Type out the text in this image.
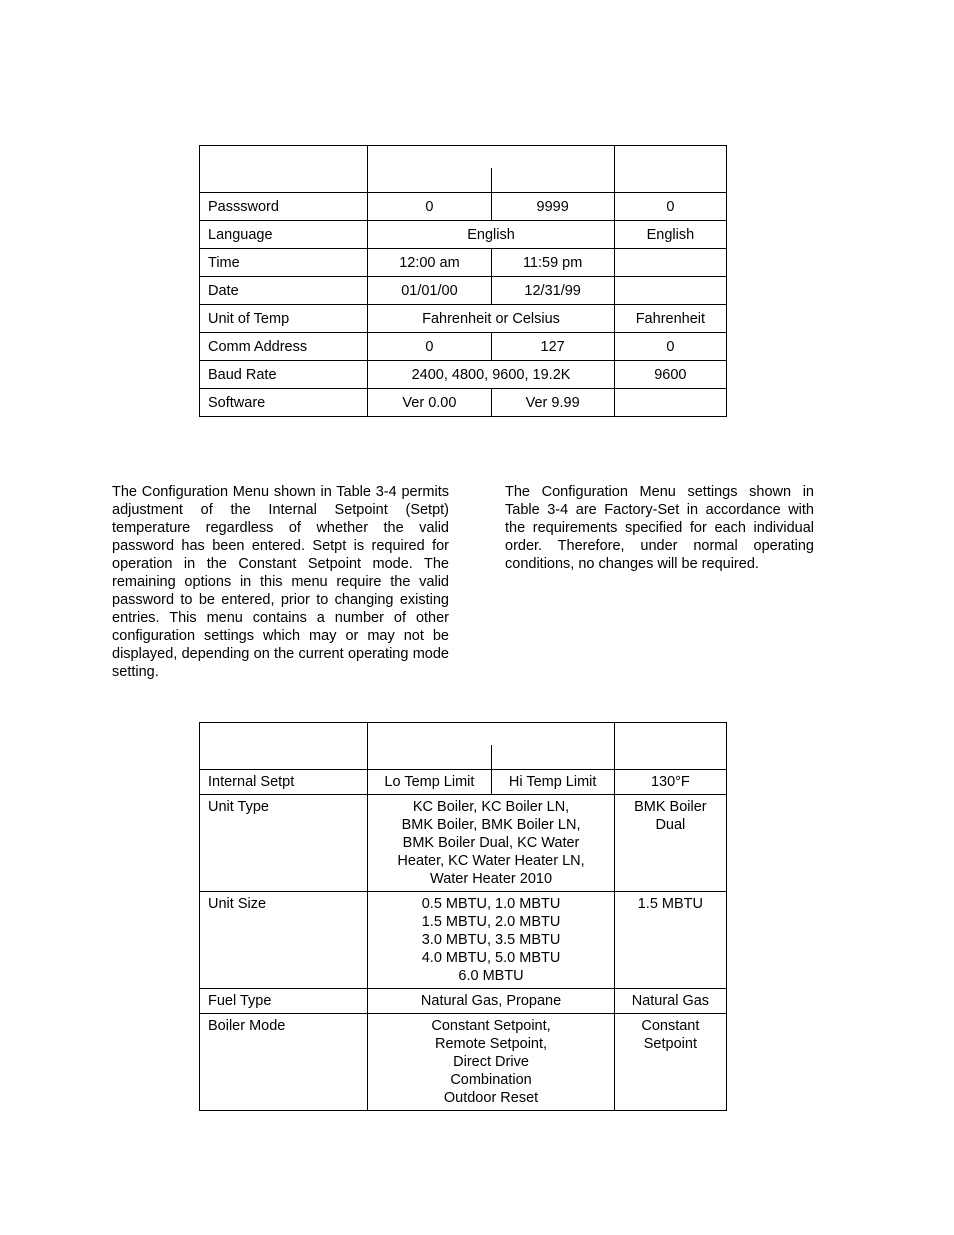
Passsword	0	9999	0
Language	English		English
Time	12:00 am	11:59 pm	
Date	01/01/00	12/31/99	
Unit of Temp	Fahrenheit or Celsius		Fahrenheit
Comm Address	0	127	0
Baud Rate	2400, 4800, 9600, 19.2K		9600
Software	Ver 0.00	Ver 9.99	

The Configuration Menu shown in Table 3-4 permits adjustment of the Internal Setpoint (Setpt) temperature regardless of whether the valid password has been entered. Setpt is required for operation in the Constant Setpoint mode. The remaining options in this menu require the valid password to be entered, prior to changing existing entries. This menu contains a number of other configuration settings which may or may not be displayed, depending on the current operating mode setting.

The Configuration Menu settings shown in Table 3-4 are Factory-Set in accordance with the requirements specified for each individual order. Therefore, under normal operating conditions, no changes will be required.

Internal Setpt	Lo Temp Limit	Hi Temp Limit	130°F
Unit Type	KC Boiler, KC Boiler LN,
BMK Boiler, BMK Boiler LN,
BMK Boiler Dual, KC Water
Heater, KC Water Heater LN,
Water Heater 2010		BMK Boiler
Dual

Unit Size	0.5 MBTU, 1.0 MBTU
1.5 MBTU, 2.0 MBTU
3.0 MBTU, 3.5 MBTU
4.0 MBTU, 5.0 MBTU
6.0 MBTU		1.5 MBTU

Fuel Type	Natural Gas, Propane		Natural Gas
Boiler Mode	Constant Setpoint,
Remote Setpoint,
Direct Drive
Combination
Outdoor Reset		Constant
Setpoint
